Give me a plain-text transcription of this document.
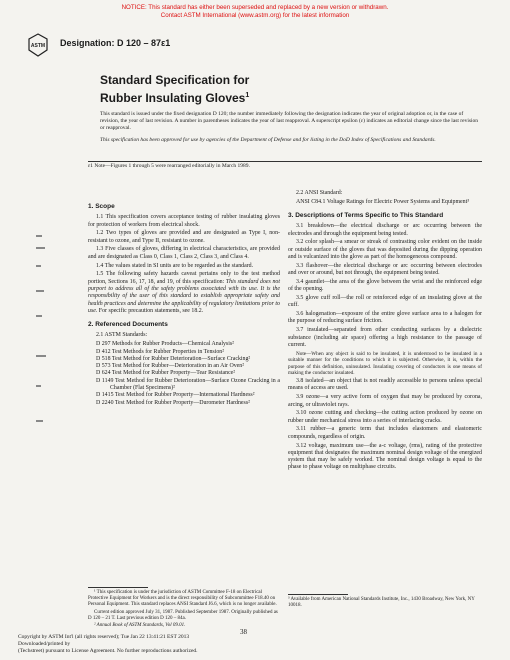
NOTICE: This standard has either been superseded and replaced by a new version or withdrawn.
Contact ASTM International (www.astm.org) for the latest information
ASTM Designation: D 120 – 87ε1
Standard Specification for
Rubber Insulating Gloves$^1$

This standard is issued under the fixed designation D 120; the number immediately following the designation indicates the year of original adoption or, in the case of revision, the year of last revision. A number in parentheses indicates the year of last reapproval. A superscript epsilon (ε) indicates an editorial change since the last revision or reapproval.

This specification has been approved for use by agencies of the Department of Defense and for listing in the DoD Index of Specifications and Standards.

ε1 Note—Figures 1 through 5 were rearranged editorially in March 1989.

1. Scope

1.1 This specification covers acceptance testing of rubber insulating gloves for protection of workers from electrical shock.

1.2 Two types of gloves are provided and are designated as Type I, non-resistant to ozone, and Type II, resistant to ozone.

1.3 Five classes of gloves, differing in electrical characteristics, are provided and are designated as Class 0, Class 1, Class 2, Class 3, and Class 4.

1.4 The values stated in SI units are to be regarded as the standard.

1.5 The following safety hazards caveat pertains only to the test method portion, Sections 16, 17, 18, and 19, of this specification: This standard does not purport to address all of the safety problems associated with its use. It is the responsibility of the user of this standard to establish appropriate safety and health practices and determine the applicability of regulatory limitations prior to use. For specific precaution statements, see 18.2.

2. Referenced Documents

2.1 ASTM Standards:

D 297 Methods for Rubber Products—Chemical Analysis²

D 412 Test Methods for Rubber Properties in Tension²

D 518 Test Method for Rubber Deterioration—Surface Cracking²

D 573 Test Method for Rubber—Deterioration in an Air Oven²

D 624 Test Method for Rubber Property—Tear Resistance²

D 1149 Test Method for Rubber Deterioration—Surface Ozone Cracking in a Chamber (Flat Specimens)²

D 1415 Test Method for Rubber Property—International Hardness²

D 2240 Test Method for Rubber Property—Durometer Hardness²

2.2 ANSI Standard:

ANSI C84.1 Voltage Ratings for Electric Power Systems and Equipment³

3. Descriptions of Terms Specific to This Standard

3.1 breakdown—the electrical discharge or arc occurring between the electrodes and through the equipment being tested.

3.2 color splash—a smear or streak of contrasting color evident on the inside or outside surface of the gloves that was deposited during the dipping operation and is vulcanized into the glove as part of the homogeneous compound.

3.3 flashover—the electrical discharge or arc occurring between electrodes and over or around, but not through, the equipment being tested.

3.4 gauntlet—the area of the glove between the wrist and the reinforced edge of the opening.

3.5 glove cuff roll—the roll or reinforced edge of an insulating glove at the cuff.

3.6 halogenation—exposure of the entire glove surface area to a halogen for the purpose of reducing surface friction.

3.7 insulated—separated from other conducting surfaces by a dielectric substance (including air space) offering a high resistance to the passage of current.

Note—When any object is said to be insulated, it is understood to be insulated in a suitable manner for the conditions to which it is subjected. Otherwise, it is, within the purpose of this definition, uninsulated. Insulating covering of conductors is one means of making the conductor insulated.

3.8 isolated—an object that is not readily accessible to persons unless special means of access are used.

3.9 ozone—a very active form of oxygen that may be produced by corona, arcing, or ultraviolet rays.

3.10 ozone cutting and checking—the cutting action produced by ozone on rubber under mechanical stress into a series of interlacing cracks.

3.11 rubber—a generic term that includes elastomers and elastomeric compounds, regardless of origin.

3.12 voltage, maximum use—the a-c voltage, (rms), rating of the protective equipment that designates the maximum nominal design voltage of the energized system that may be safely worked. The nominal design voltage is equal to the phase to phase voltage on multiphase circuits.

¹ This specification is under the jurisdiction of ASTM Committee F-18 on Electrical Protective Equipment for Workers and is the direct responsibility of Subcommittee F18.40 on Personal Equipment. This standard replaces ANSI Standard J6.6, which is no longer available.

Current edition approved July 31, 1987. Published September 1987. Originally published as D 120 – 21 T. Last previous edition D 120 – 84a.

² Annual Book of ASTM Standards, Vol 09.01.

³ Available from American National Standards Institute, Inc., 1430 Broadway, New York, NY 10018.
38
Copyright by ASTM Int'l (all rights reserved); Tue Jan 22 13:41:21 EST 2013
Downloaded/printed by
(Techstreet) pursuant to License Agreement. No further reproductions authorized.
